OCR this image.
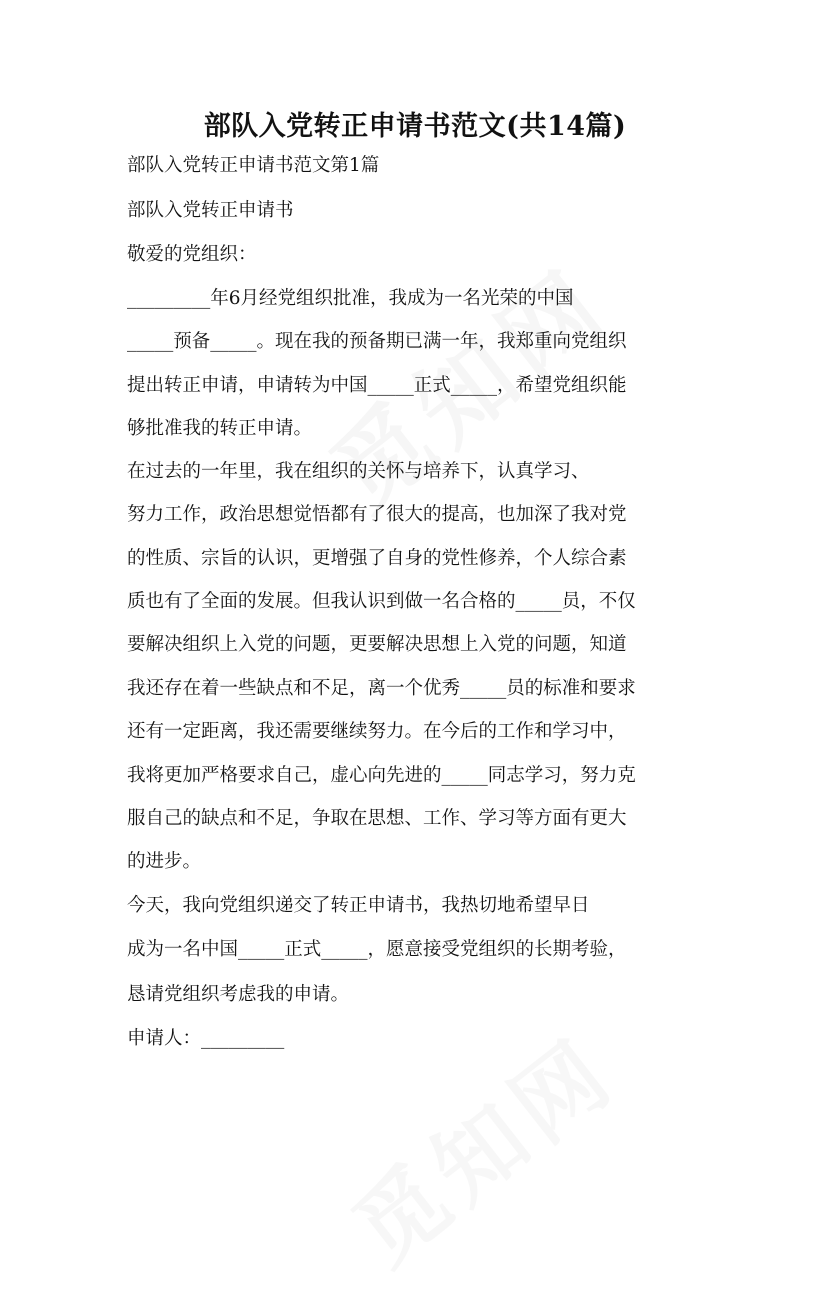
部队入党转正申请书范文(共14篇)
部队入党转正申请书范文第1篇
部队入党转正申请书
敬爱的党组织：
_________年6月经党组织批准，我成为一名光荣的中国
_____预备_____。现在我的预备期已满一年，我郑重向党组织
提出转正申请，申请转为中国_____正式_____，希望党组织能
够批准我的转正申请。
在过去的一年里，我在组织的关怀与培养下，认真学习、
努力工作，政治思想觉悟都有了很大的提高，也加深了我对党
的性质、宗旨的认识，更增强了自身的党性修养，个人综合素
质也有了全面的发展。但我认识到做一名合格的_____员，不仅
要解决组织上入党的问题，更要解决思想上入党的问题，知道
我还存在着一些缺点和不足，离一个优秀_____员的标准和要求
还有一定距离，我还需要继续努力。在今后的工作和学习中，
我将更加严格要求自己，虚心向先进的_____同志学习，努力克
服自己的缺点和不足，争取在思想、工作、学习等方面有更大
的进步。
今天，我向党组织递交了转正申请书，我热切地希望早日
成为一名中国_____正式_____，愿意接受党组织的长期考验，
恳请党组织考虑我的申请。
申请人：_________
